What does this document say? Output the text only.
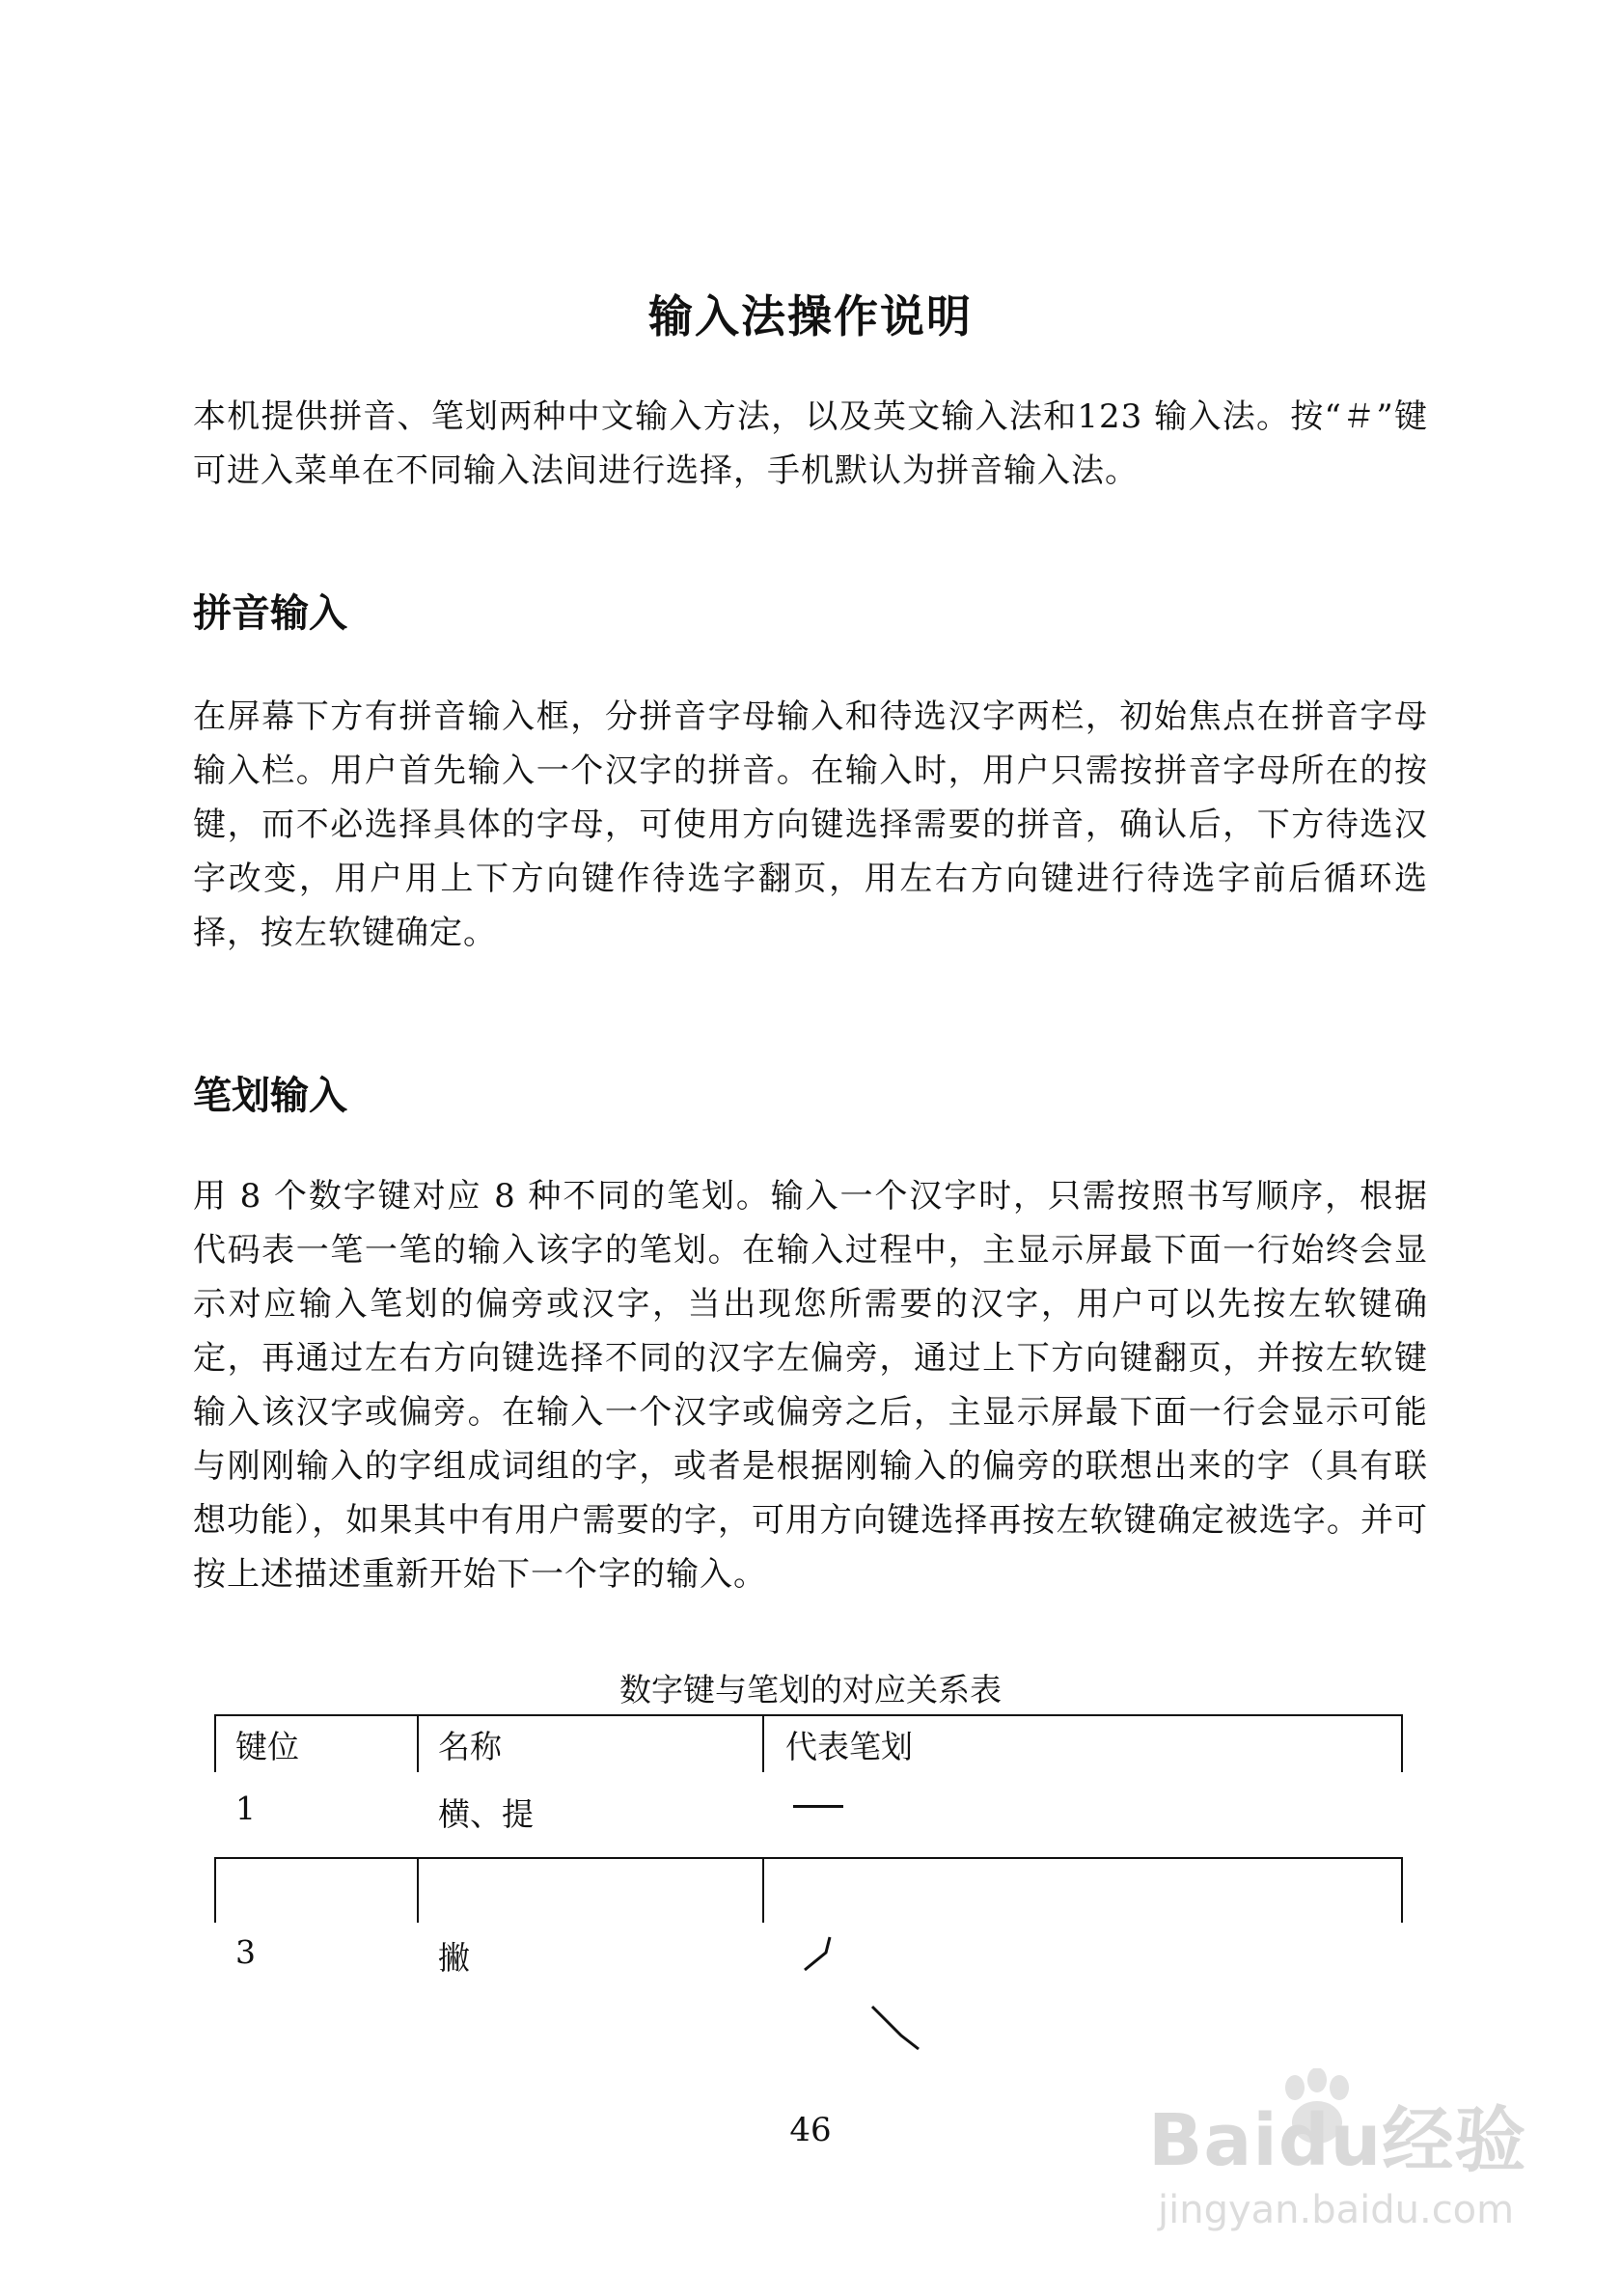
输入法操作说明

本机提供拼音、笔划两种中文输入方法，以及英文输入法和123 输入法。按“＃”键可进入菜单在不同输入法间进行选择，手机默认为拼音输入法。

拼音输入

在屏幕下方有拼音输入框，分拼音字母输入和待选汉字两栏，初始焦点在拼音字母输入栏。用户首先输入一个汉字的拼音。在输入时，用户只需按拼音字母所在的按键，而不必选择具体的字母，可使用方向键选择需要的拼音，确认后，下方待选汉字改变，用户用上下方向键作待选字翻页，用左右方向键进行待选字前后循环选择，按左软键确定。

笔划输入

用 8 个数字键对应 8 种不同的笔划。输入一个汉字时，只需按照书写顺序，根据代码表一笔一笔的输入该字的笔划。在输入过程中，主显示屏最下面一行始终会显示对应输入笔划的偏旁或汉字，当出现您所需要的汉字，用户可以先按左软键确定，再通过左右方向键选择不同的汉字左偏旁，通过上下方向键翻页，并按左软键输入该汉字或偏旁。在输入一个汉字或偏旁之后，主显示屏最下面一行会显示可能与刚刚输入的字组成词组的字，或者是根据刚输入的偏旁的联想出来的字（具有联想功能），如果其中有用户需要的字，可用方向键选择再按左软键确定被选字。并可按上述描述重新开始下一个字的输入。

数字键与笔划的对应关系表
键位	名称	代表笔划
1	横、提
3	撇
46	Baidu经验
jingyan.baidu.com
